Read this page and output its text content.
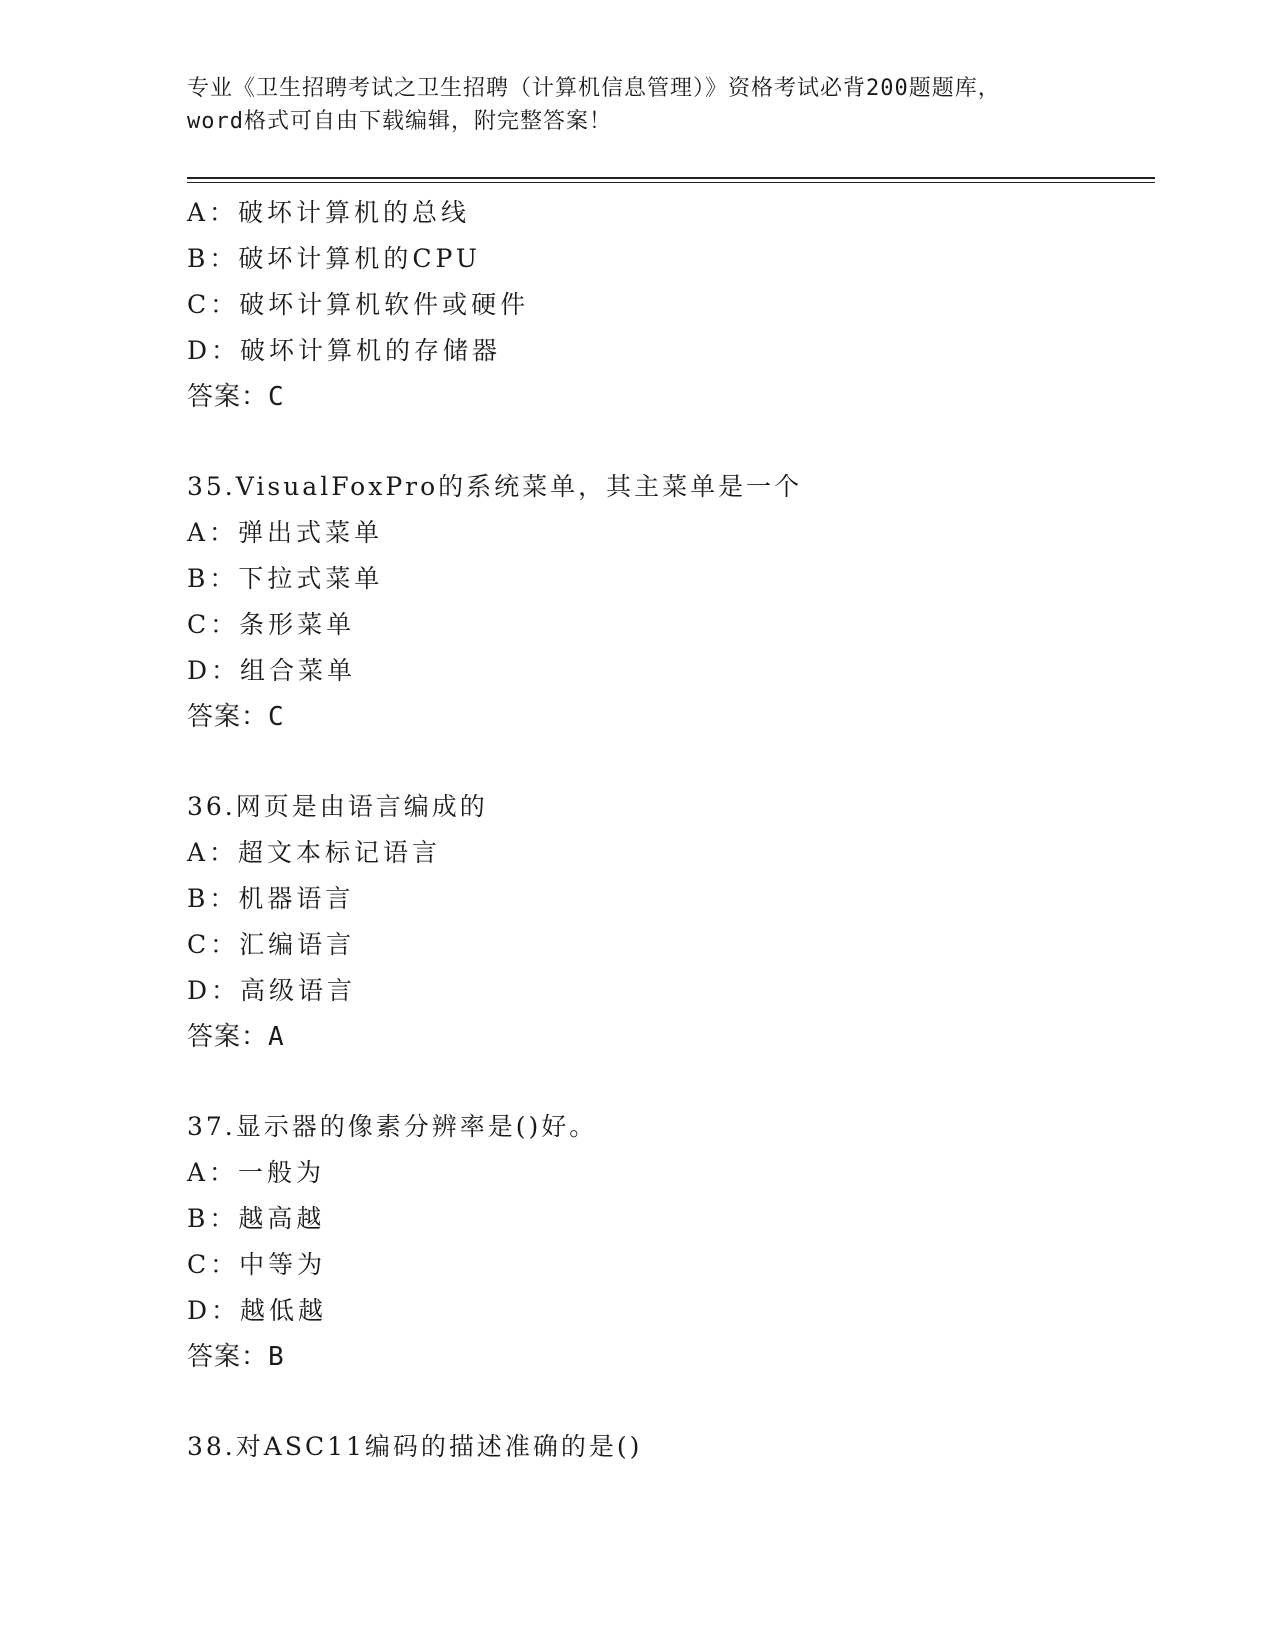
专业《卫生招聘考试之卫生招聘（计算机信息管理）》资格考试必背200题题库，
word格式可自由下载编辑，附完整答案！
A：破坏计算机的总线
B：破坏计算机的CPU
C：破坏计算机软件或硬件
D：破坏计算机的存储器
答案：C
35.VisualFoxPro的系统菜单，其主菜单是一个
A：弹出式菜单
B：下拉式菜单
C：条形菜单
D：组合菜单
答案：C
36.网页是由语言编成的
A：超文本标记语言
B：机器语言
C：汇编语言
D：高级语言
答案：A
37.显示器的像素分辨率是()好。
A：一般为
B：越高越
C：中等为
D：越低越
答案：B
38.对ASC11编码的描述准确的是()
